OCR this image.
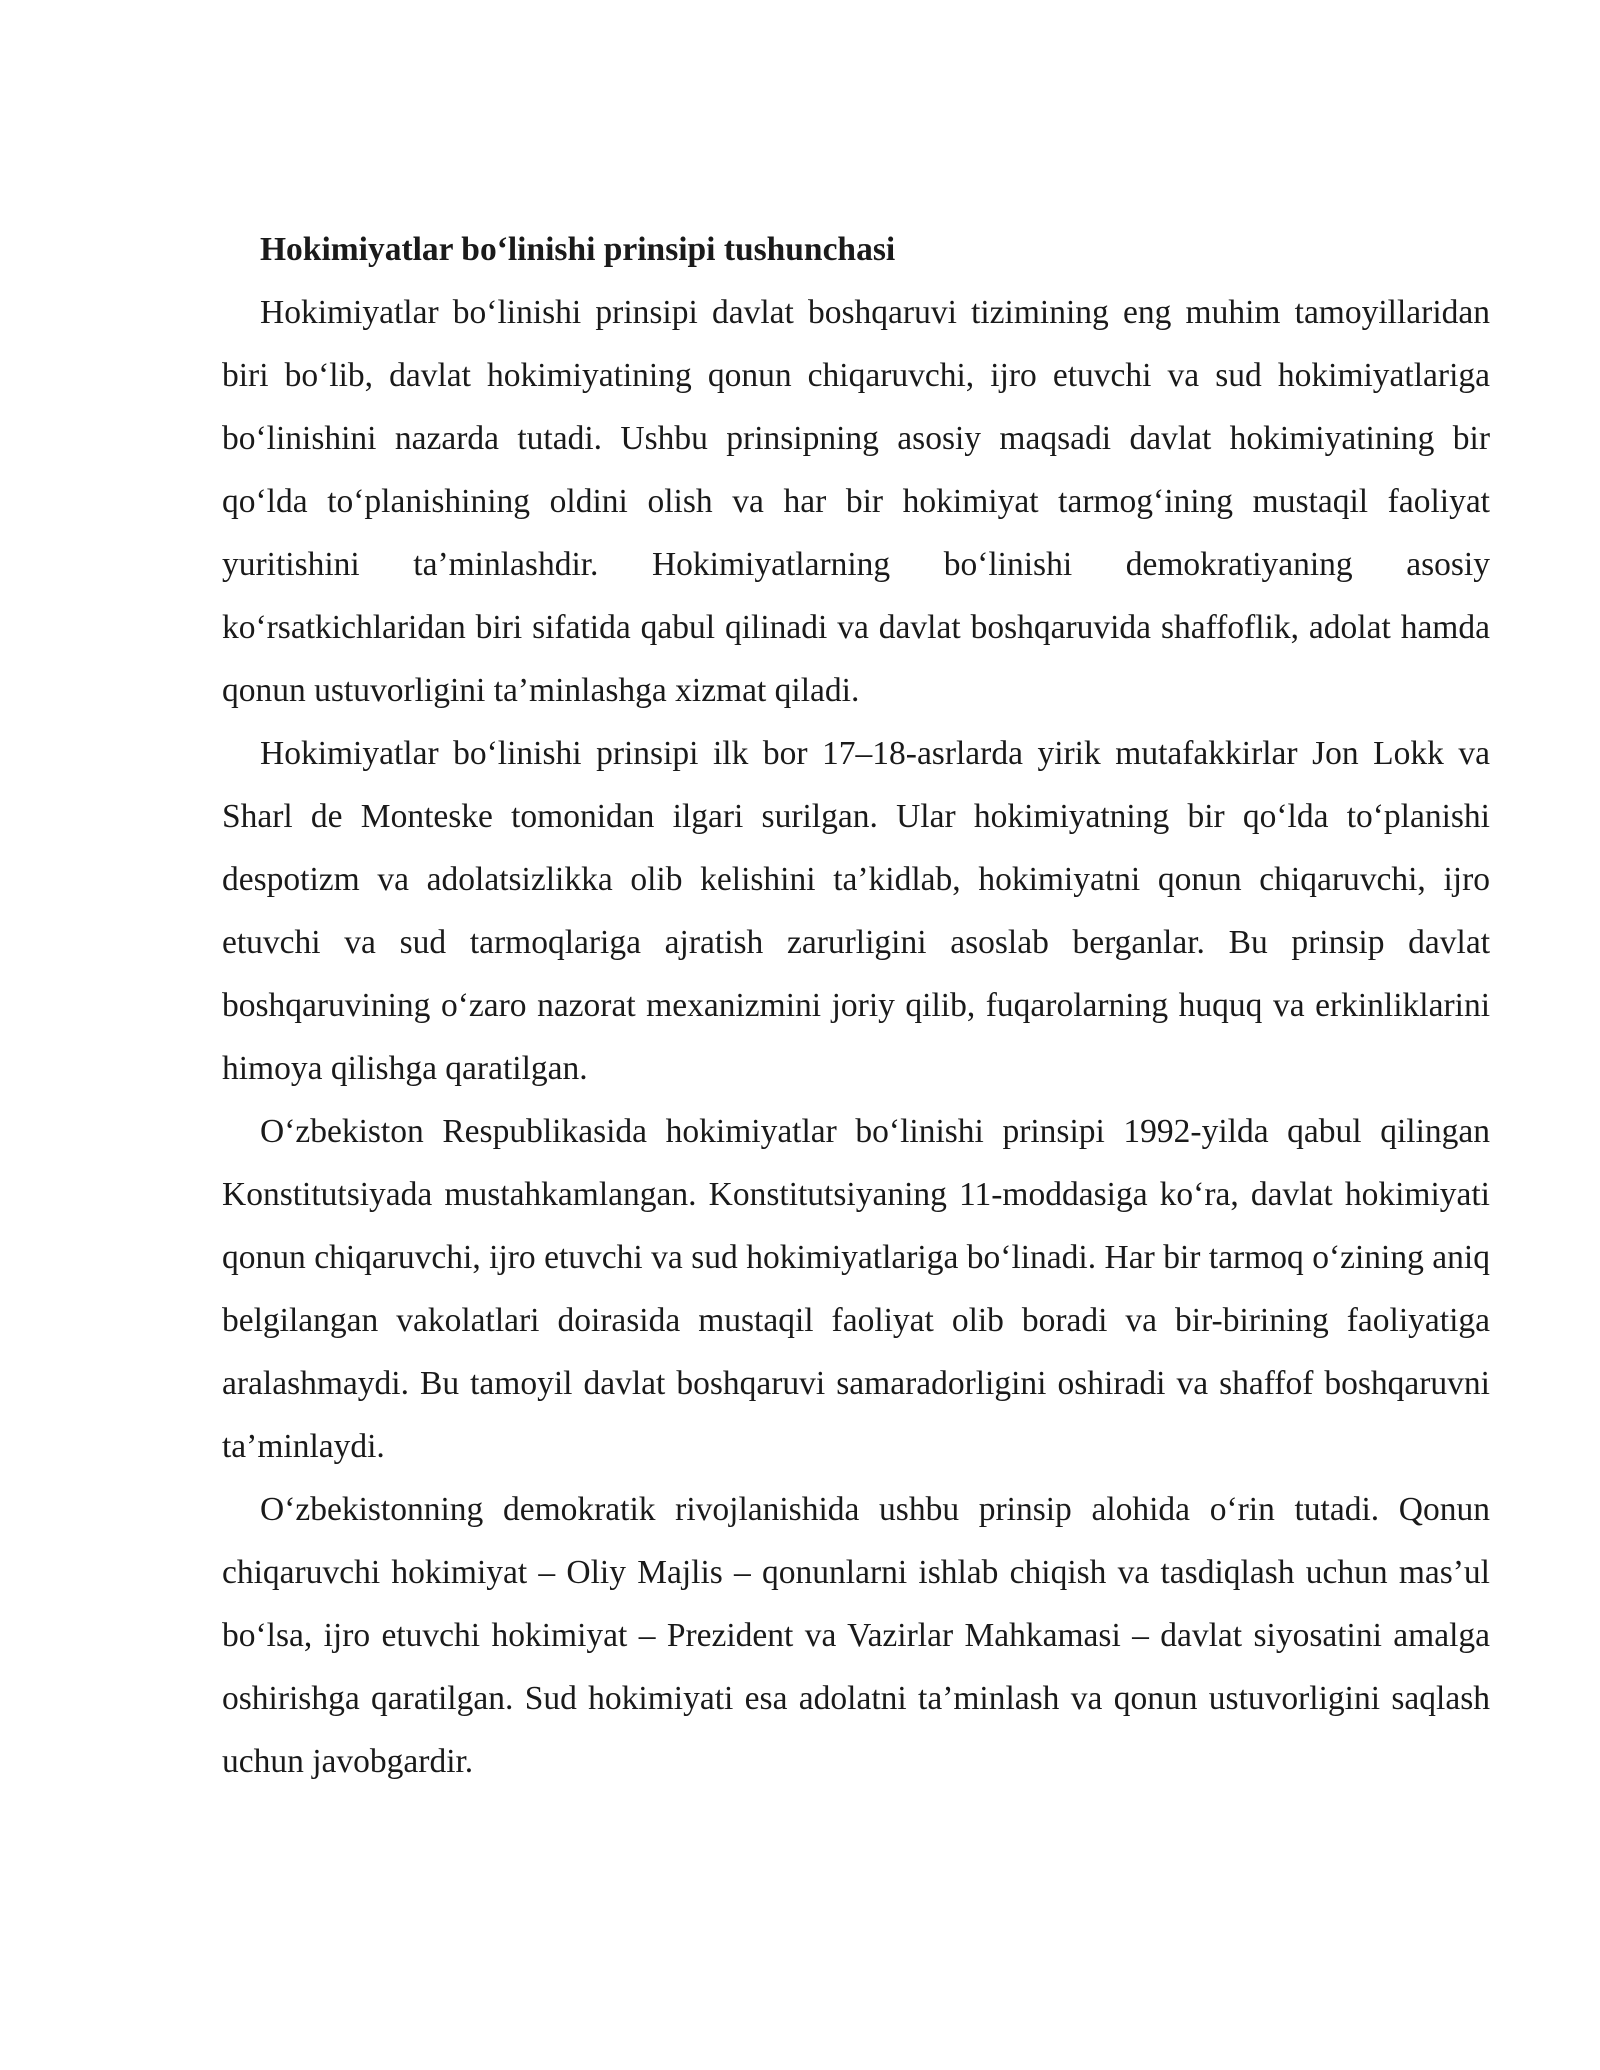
Hokimiyatlar bo‘linishi prinsipi tushunchasi

Hokimiyatlar bo‘linishi prinsipi davlat boshqaruvi tizimining eng muhim tamoyillaridan biri bo‘lib, davlat hokimiyatining qonun chiqaruvchi, ijro etuvchi va sud hokimiyatlariga bo‘linishini nazarda tutadi. Ushbu prinsipning asosiy maqsadi davlat hokimiyatining bir qo‘lda to‘planishining oldini olish va har bir hokimiyat tarmog‘ining mustaqil faoliyat yuritishini ta’minlashdir. Hokimiyatlarning bo‘linishi demokratiyaning asosiy ko‘rsatkichlaridan biri sifatida qabul qilinadi va davlat boshqaruvida shaffoflik, adolat hamda qonun ustuvorligini ta’minlashga xizmat qiladi.

Hokimiyatlar bo‘linishi prinsipi ilk bor 17–18-asrlarda yirik mutafakkirlar Jon Lokk va Sharl de Monteske tomonidan ilgari surilgan. Ular hokimiyatning bir qo‘lda to‘planishi despotizm va adolatsizlikka olib kelishini ta’kidlab, hokimiyatni qonun chiqaruvchi, ijro etuvchi va sud tarmoqlariga ajratish zarurligini asoslab berganlar. Bu prinsip davlat boshqaruvining o‘zaro nazorat mexanizmini joriy qilib, fuqarolarning huquq va erkinliklarini himoya qilishga qaratilgan.

O‘zbekiston Respublikasida hokimiyatlar bo‘linishi prinsipi 1992-yilda qabul qilingan Konstitutsiyada mustahkamlangan. Konstitutsiyaning 11-moddasiga ko‘ra, davlat hokimiyati qonun chiqaruvchi, ijro etuvchi va sud hokimiyatlariga bo‘linadi. Har bir tarmoq o‘zining aniq belgilangan vakolatlari doirasida mustaqil faoliyat olib boradi va bir-birining faoliyatiga aralashmaydi. Bu tamoyil davlat boshqaruvi samaradorligini oshiradi va shaffof boshqaruvni ta’minlaydi.

O‘zbekistonning demokratik rivojlanishida ushbu prinsip alohida o‘rin tutadi. Qonun chiqaruvchi hokimiyat – Oliy Majlis – qonunlarni ishlab chiqish va tasdiqlash uchun mas’ul bo‘lsa, ijro etuvchi hokimiyat – Prezident va Vazirlar Mahkamasi – davlat siyosatini amalga oshirishga qaratilgan. Sud hokimiyati esa adolatni ta’minlash va qonun ustuvorligini saqlash uchun javobgardir.
